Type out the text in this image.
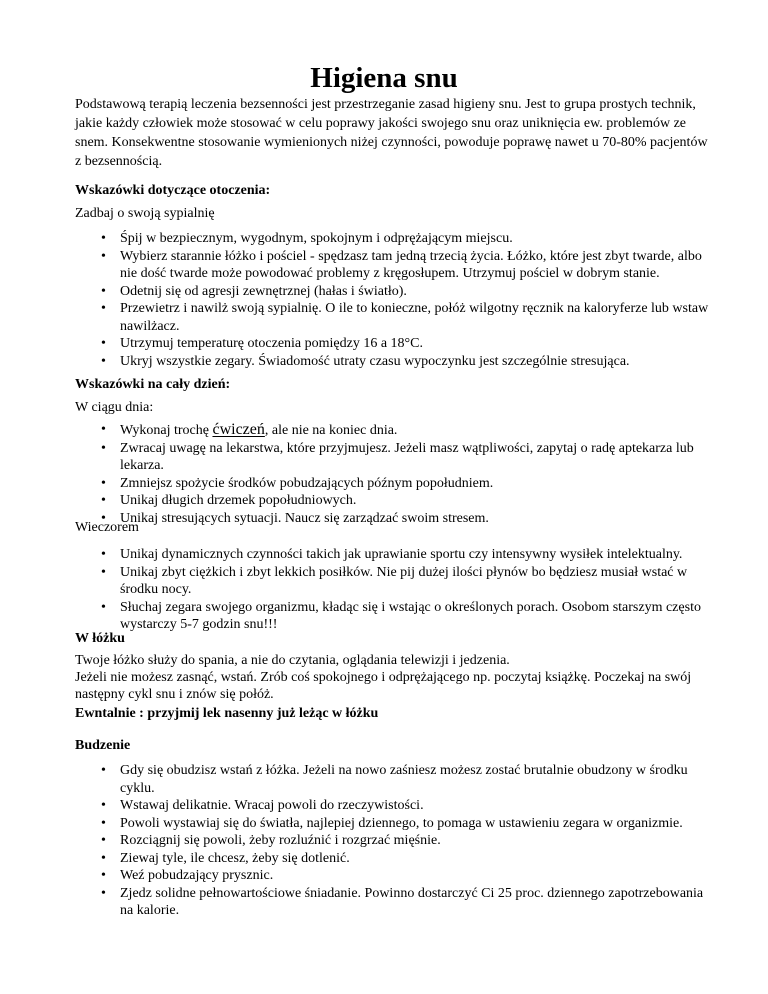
Higiena snu
Podstawową terapią leczenia bezsenności jest przestrzeganie zasad higieny snu. Jest to grupa prostych technik, jakie każdy człowiek może stosować w celu poprawy jakości swojego snu oraz uniknięcia ew. problemów ze snem. Konsekwentne stosowanie wymienionych niżej czynności, powoduje poprawę nawet u 70-80% pacjentów z bezsennością.
Wskazówki dotyczące otoczenia:
Zadbaj o swoją sypialnię
• Śpij w bezpiecznym, wygodnym, spokojnym i odprężającym miejscu.
• Wybierz starannie łóżko i pościel - spędzasz tam jedną trzecią życia. Łóżko, które jest zbyt twarde, albo nie dość twarde może powodować problemy z kręgosłupem. Utrzymuj pościel w dobrym stanie.
• Odetnij się od agresji zewnętrznej (hałas i światło).
• Przewietrz i nawilż swoją sypialnię. O ile to konieczne, połóż wilgotny ręcznik na kaloryferze lub wstaw nawilżacz.
• Utrzymuj temperaturę otoczenia pomiędzy 16 a 18°C.
• Ukryj wszystkie zegary. Świadomość utraty czasu wypoczynku jest szczególnie stresująca.
Wskazówki na cały dzień:
W ciągu dnia:
• Wykonaj trochę ćwiczeń, ale nie na koniec dnia.
• Zwracaj uwagę na lekarstwa, które przyjmujesz. Jeżeli masz wątpliwości, zapytaj o radę aptekarza lub lekarza.
• Zmniejsz spożycie środków pobudzających późnym popołudniem.
• Unikaj długich drzemek popołudniowych.
• Unikaj stresujących sytuacji. Naucz się zarządzać swoim stresem.
Wieczorem
• Unikaj dynamicznych czynności takich jak uprawianie sportu czy intensywny wysiłek intelektualny.
• Unikaj zbyt ciężkich i zbyt lekkich posiłków. Nie pij dużej ilości płynów bo będziesz musiał wstać w środku nocy.
• Słuchaj zegara swojego organizmu, kładąc się i wstając o określonych porach. Osobom starszym często wystarczy 5-7 godzin snu!!!
W łóżku
Twoje łóżko służy do spania, a nie do czytania, oglądania telewizji i jedzenia.
Jeżeli nie możesz zasnąć, wstań. Zrób coś spokojnego i odprężającego np. poczytaj książkę. Poczekaj na swój następny cykl snu i znów się połóż.
Ewntalnie : przyjmij lek nasenny już leżąc w łóżku
Budzenie
• Gdy się obudzisz wstań z łóżka. Jeżeli na nowo zaśniesz możesz zostać brutalnie obudzony w środku cyklu.
• Wstawaj delikatnie. Wracaj powoli do rzeczywistości.
• Powoli wystawiaj się do światła, najlepiej dziennego, to pomaga w ustawieniu zegara w organizmie.
• Rozciągnij się powoli, żeby rozluźnić i rozgrzać mięśnie.
• Ziewaj tyle, ile chcesz, żeby się dotlenić.
• Weź pobudzający prysznic.
• Zjedz solidne pełnowartościowe śniadanie. Powinno dostarczyć Ci 25 proc. dziennego zapotrzebowania na kalorie.
